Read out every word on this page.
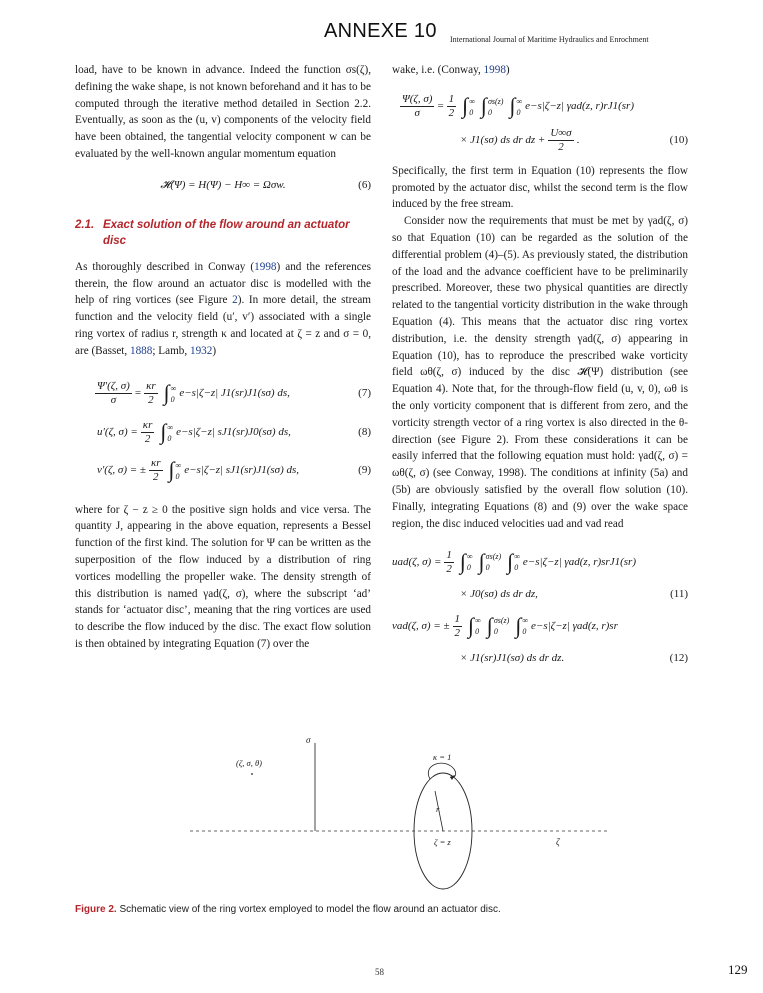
ANNEXE 10 International Journal of Maritime Hydraulics and Enrochment

load, have to be known in advance. Indeed the function σs(ζ), defining the wake shape, is not known beforehand and it has to be computed through the iterative method detailed in Section 2.2. Eventually, as soon as the (u, v) components of the velocity field have been obtained, the tangential velocity component w can be evaluated by the well-known angular momentum equation

𝓗(Ψ) = H(Ψ) − H∞ = Ωσw.	(6)
2.1. Exact solution of the flow around an actuator
disc

As thoroughly described in Conway (1998) and the references therein, the flow around an actuator disc is modelled with the help of ring vortices (see Figure 2). In more detail, the stream function and the velocity field (u′, v′) associated with a single ring vortex of radius r, strength κ and located at ζ = z and σ = 0, are (Basset, 1888; Lamb, 1932)

$\frac{\Psi'(\zeta, \sigma)}{\sigma} = \frac{\kappa r}{2}$ ∫ ∞
0 e−s|ζ−z| J1(sr)J1(sσ) ds,	(7)
u′(ζ, $\sigma) = \frac{\kappa r}{2}$ ∫ ∞
0 e−s|ζ−z| sJ1(sr)J0(sσ) ds,	(8)
v′(ζ, σ) = ± $\frac{\kappa r}{2}$ ∫ ∞
0 e−s|ζ−z| sJ1(sr)J1(sσ) ds,	(9)

where for ζ − z ≥ 0 the positive sign holds and vice versa. The quantity J, appearing in the above equation, represents a Bessel function of the first kind. The solution for Ψ can be written as the superposition of the flow induced by a distribution of ring vortices modelling the propeller wake. The density strength of this distribution is named γad(ζ, σ), where the subscript ‘ad’ stands for ‘actuator disc’, meaning that the ring vortices are used to describe the flow induced by the disc. The exact flow solution is then obtained by integrating Equation (7) over the

wake, i.e. (Conway, 1998)

$\frac{\Psi(\zeta, \sigma)}{\sigma} = \frac{1}{2}$ ∫ ∞
0 ∫ σs(z)
0 ∫ ∞
0 e−s|ζ−z| γad(z, r)rJ1(sr)
× J1(sσ) ds dr dz + $\frac{U\infty\sigma}{2}$ .	(10)

Specifically, the first term in Equation (10) represents the flow promoted by the actuator disc, whilst the second term is the flow induced by the free stream.

Consider now the requirements that must be met by γad(ζ, σ) so that Equation (10) can be regarded as the solution of the differential problem (4)–(5). As previously stated, the distribution of the load and the advance coefficient have to be preliminarily prescribed. Moreover, these two physical quantities are directly related to the tangential vorticity distribution in the wake through Equation (4). This means that the actuator disc ring vortex distribution, i.e. the density strength γad(ζ, σ) appearing in Equation (10), has to reproduce the prescribed wake vorticity field ωθ(ζ, σ) induced by the disc 𝓗(Ψ) distribution (see Equation 4). Note that, for the through-flow field (u, v, 0), ωθ is the only vorticity component that is different from zero, and the vorticity strength vector of a ring vortex is also directed in the θ-direction (see Figure 2). From these considerations it can be easily inferred that the following equation must hold: γad(ζ, σ) = ωθ(ζ, σ) (see Conway, 1998). The conditions at infinity (5a) and (5b) are obviously satisfied by the overall flow solution (10). Finally, integrating Equations (8) and (9) over the wake space region, the disc induced velocities uad and vad read

uad(ζ, $\sigma) = \frac{1}{2}$ ∫ ∞
0 ∫ σs(z)
0 ∫ ∞
0 e−s|ζ−z| γad(z, r)srJ1(sr)
× J0(sσ) ds dr dz,	(11)
vad(ζ, σ) = ± $\frac{1}{2}$ ∫ ∞
0 ∫ σs(z)
0 ∫ ∞
0 e−s|ζ−z| γad(z, r)sr
× J1(sr)J1(sσ) ds dr dz.	(12)
σ
(ζ, σ, θ)
κ = 1
r
ζ = z	ζ
Figure 2. Schematic view of the ring vortex employed to model the flow around an actuator disc.
58	129
